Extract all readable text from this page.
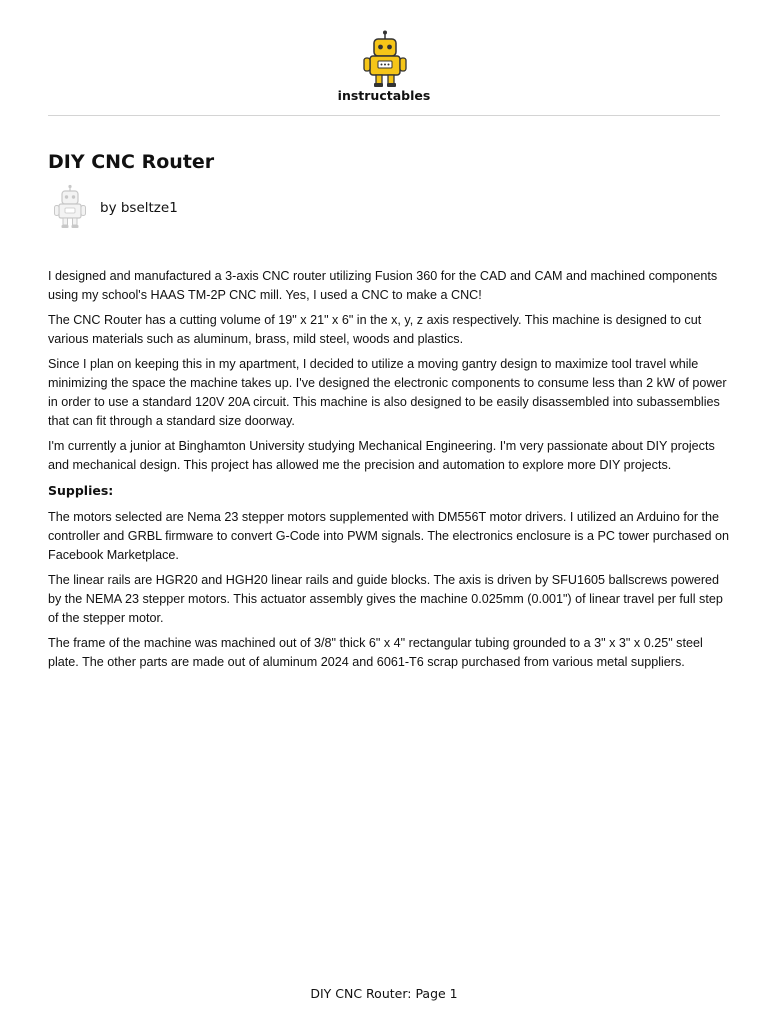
instructables
DIY CNC Router
by bseltze1

I designed and manufactured a 3-axis CNC router utilizing Fusion 360 for the CAD and CAM and machined components using my school's HAAS TM-2P CNC mill. Yes, I used a CNC to make a CNC!

The CNC Router has a cutting volume of 19" x 21" x 6" in the x, y, z axis respectively. This machine is designed to cut various materials such as aluminum, brass, mild steel, woods and plastics.

Since I plan on keeping this in my apartment, I decided to utilize a moving gantry design to maximize tool travel while minimizing the space the machine takes up. I've designed the electronic components to consume less than 2 kW of power in order to use a standard 120V 20A circuit. This machine is also designed to be easily disassembled into subassemblies that can fit through a standard size doorway.

I'm currently a junior at Binghamton University studying Mechanical Engineering. I'm very passionate about DIY projects and mechanical design. This project has allowed me the precision and automation to explore more DIY projects.

Supplies:

The motors selected are Nema 23 stepper motors supplemented with DM556T motor drivers. I utilized an Arduino for the controller and GRBL firmware to convert G-Code into PWM signals. The electronics enclosure is a PC tower purchased on Facebook Marketplace.

The linear rails are HGR20 and HGH20 linear rails and guide blocks. The axis is driven by SFU1605 ballscrews powered by the NEMA 23 stepper motors. This actuator assembly gives the machine 0.025mm (0.001") of linear travel per full step of the stepper motor.

The frame of the machine was machined out of 3/8" thick 6" x 4" rectangular tubing grounded to a 3" x 3" x 0.25" steel plate. The other parts are made out of aluminum 2024 and 6061-T6 scrap purchased from various metal suppliers.

DIY CNC Router: Page 1
